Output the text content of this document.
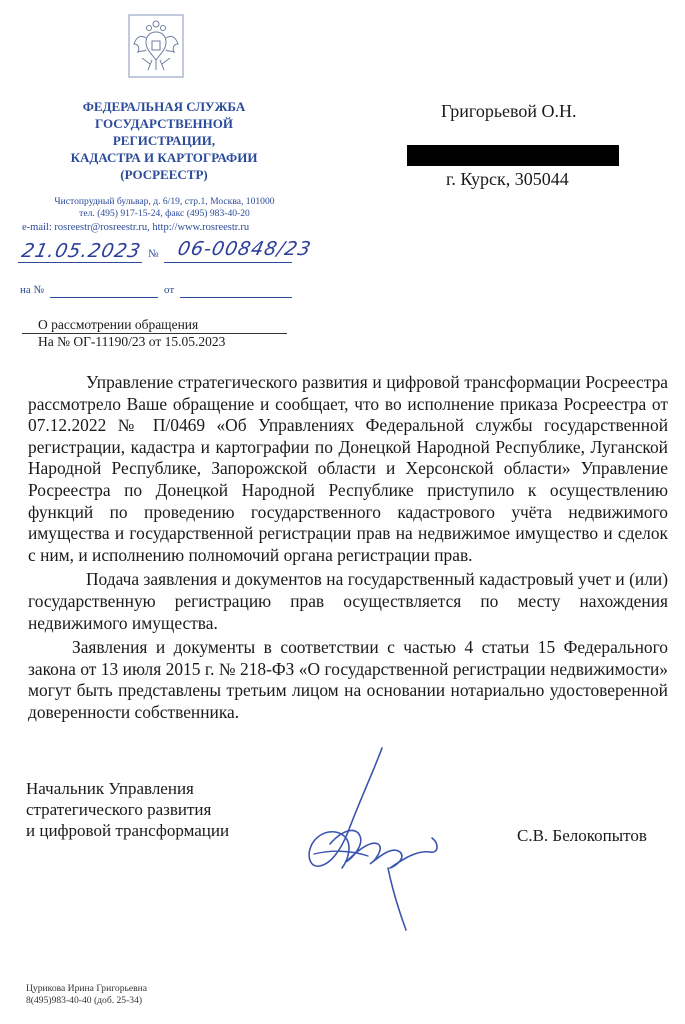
ФЕДЕРАЛЬНАЯ СЛУЖБА
ГОСУДАРСТВЕННОЙ
РЕГИСТРАЦИИ,
КАДАСТРА И КАРТОГРАФИИ
(РОСРЕЕСТР)
Чистопрудный бульвар, д. 6/19, стр.1, Москва, 101000
тел. (495) 917-15-24, факс (495) 983-40-20
e-mail: rosreestr@rosreestr.ru, http://www.rosreestr.ru
21.05.2023 № 06-00848/23
на №	от
О рассмотрении обращения
На № ОГ-11190/23 от 15.05.2023
Григорьевой О.Н.
г. Курск, 305044

Управление стратегического развития и цифровой трансформации Росреестра рассмотрело Ваше обращение и сообщает, что во исполнение приказа Росреестра от 07.12.2022 № П/0469 «Об Управлениях Федеральной службы государственной регистрации, кадастра и картографии по Донецкой Народной Республике, Луганской Народной Республике, Запорожской области и Херсонской области» Управление Росреестра по Донецкой Народной Республике приступило к осуществлению функций по проведению государственного кадастрового учёта недвижимого имущества и государственной регистрации прав на недвижимое имущество и сделок с ним, и исполнению полномочий органа регистрации прав.

Подача заявления и документов на государственный кадастровый учет и (или) государственную регистрацию прав осуществляется по месту нахождения недвижимого имущества.

Заявления и документы в соответствии с частью 4 статьи 15 Федерального закона от 13 июля 2015 г. № 218-ФЗ «О государственной регистрации недвижимости» могут быть представлены третьим лицом на основании нотариально удостоверенной доверенности собственника.

Начальник Управления
стратегического развития
и цифровой трансформации	С.В. Белокопытов
Цурикова Ирина Григорьевна
8(495)983-40-40 (доб. 25-34)
